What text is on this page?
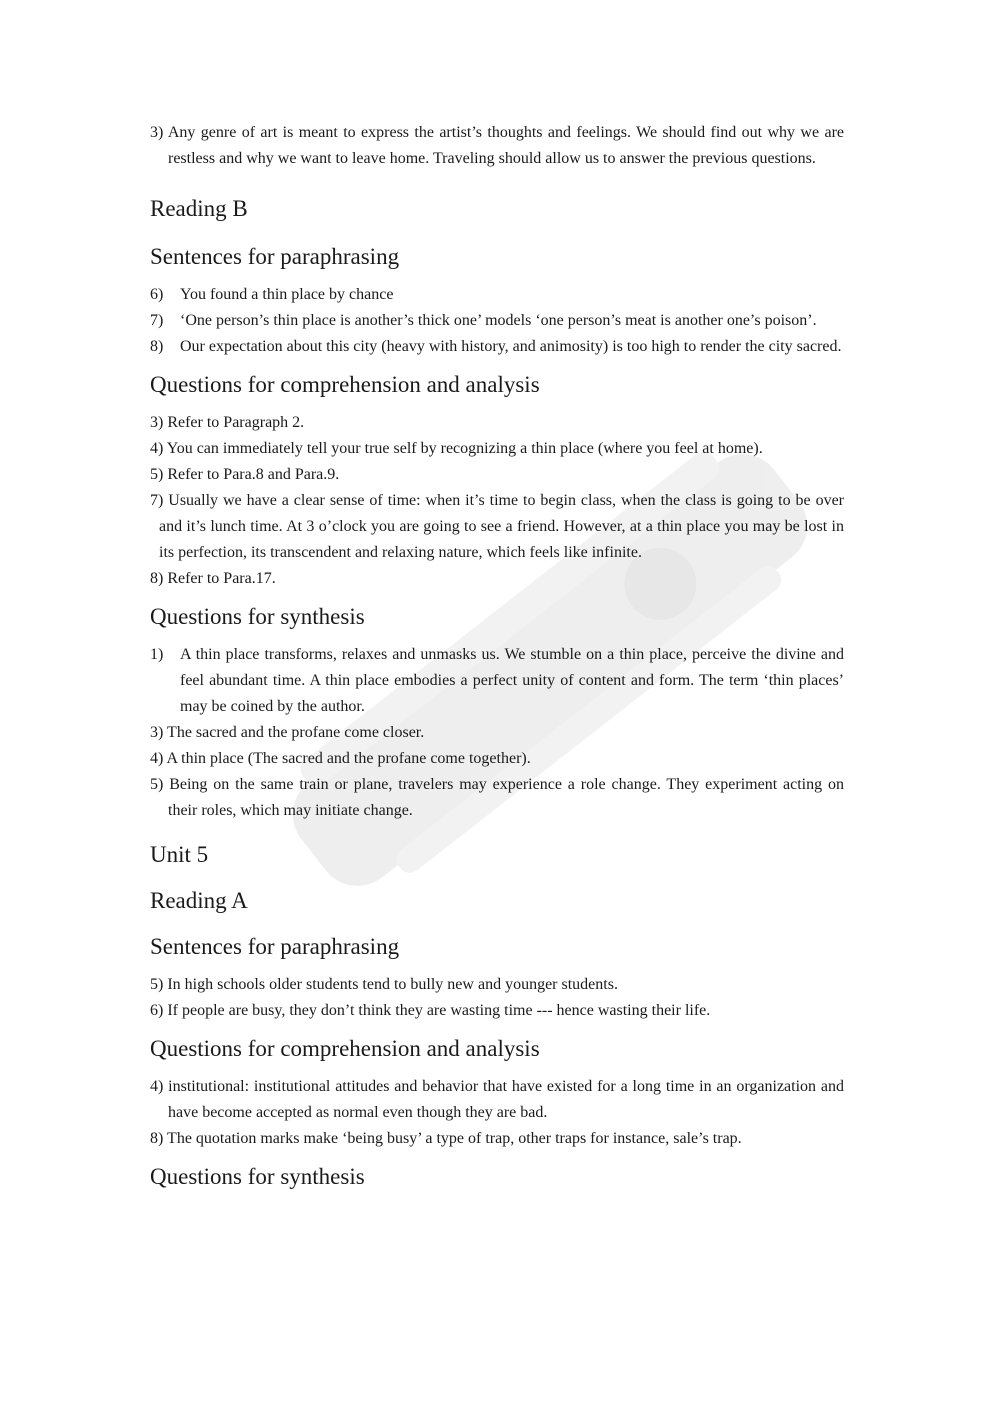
3) Any genre of art is meant to express the artist’s thoughts and feelings. We should find out why we are restless and why we want to leave home. Traveling should allow us to answer the previous questions.

Reading B
Sentences for paraphrasing

6) You found a thin place by chance

7) ‘One person’s thin place is another’s thick one’ models ‘one person’s meat is another one’s poison’.

8) Our expectation about this city (heavy with history, and animosity) is too high to render the city sacred.

Questions for comprehension and analysis

3) Refer to Paragraph 2.

4) You can immediately tell your true self by recognizing a thin place (where you feel at home).

5) Refer to Para.8 and Para.9.

7) Usually we have a clear sense of time: when it’s time to begin class, when the class is going to be over and it’s lunch time. At 3 o’clock you are going to see a friend. However, at a thin place you may be lost in its perfection, its transcendent and relaxing nature, which feels like infinite.

8) Refer to Para.17.

Questions for synthesis

1) A thin place transforms, relaxes and unmasks us. We stumble on a thin place, perceive the divine and feel abundant time. A thin place embodies a perfect unity of content and form. The term ‘thin places’ may be coined by the author.

3) The sacred and the profane come closer.

4) A thin place (The sacred and the profane come together).

5) Being on the same train or plane, travelers may experience a role change. They experiment acting on their roles, which may initiate change.

Unit 5
Reading A
Sentences for paraphrasing

5) In high schools older students tend to bully new and younger students.

6) If people are busy, they don’t think they are wasting time --- hence wasting their life.

Questions for comprehension and analysis

4) institutional: institutional attitudes and behavior that have existed for a long time in an organization and have become accepted as normal even though they are bad.

8) The quotation marks make ‘being busy’ a type of trap, other traps for instance, sale’s trap.

Questions for synthesis
